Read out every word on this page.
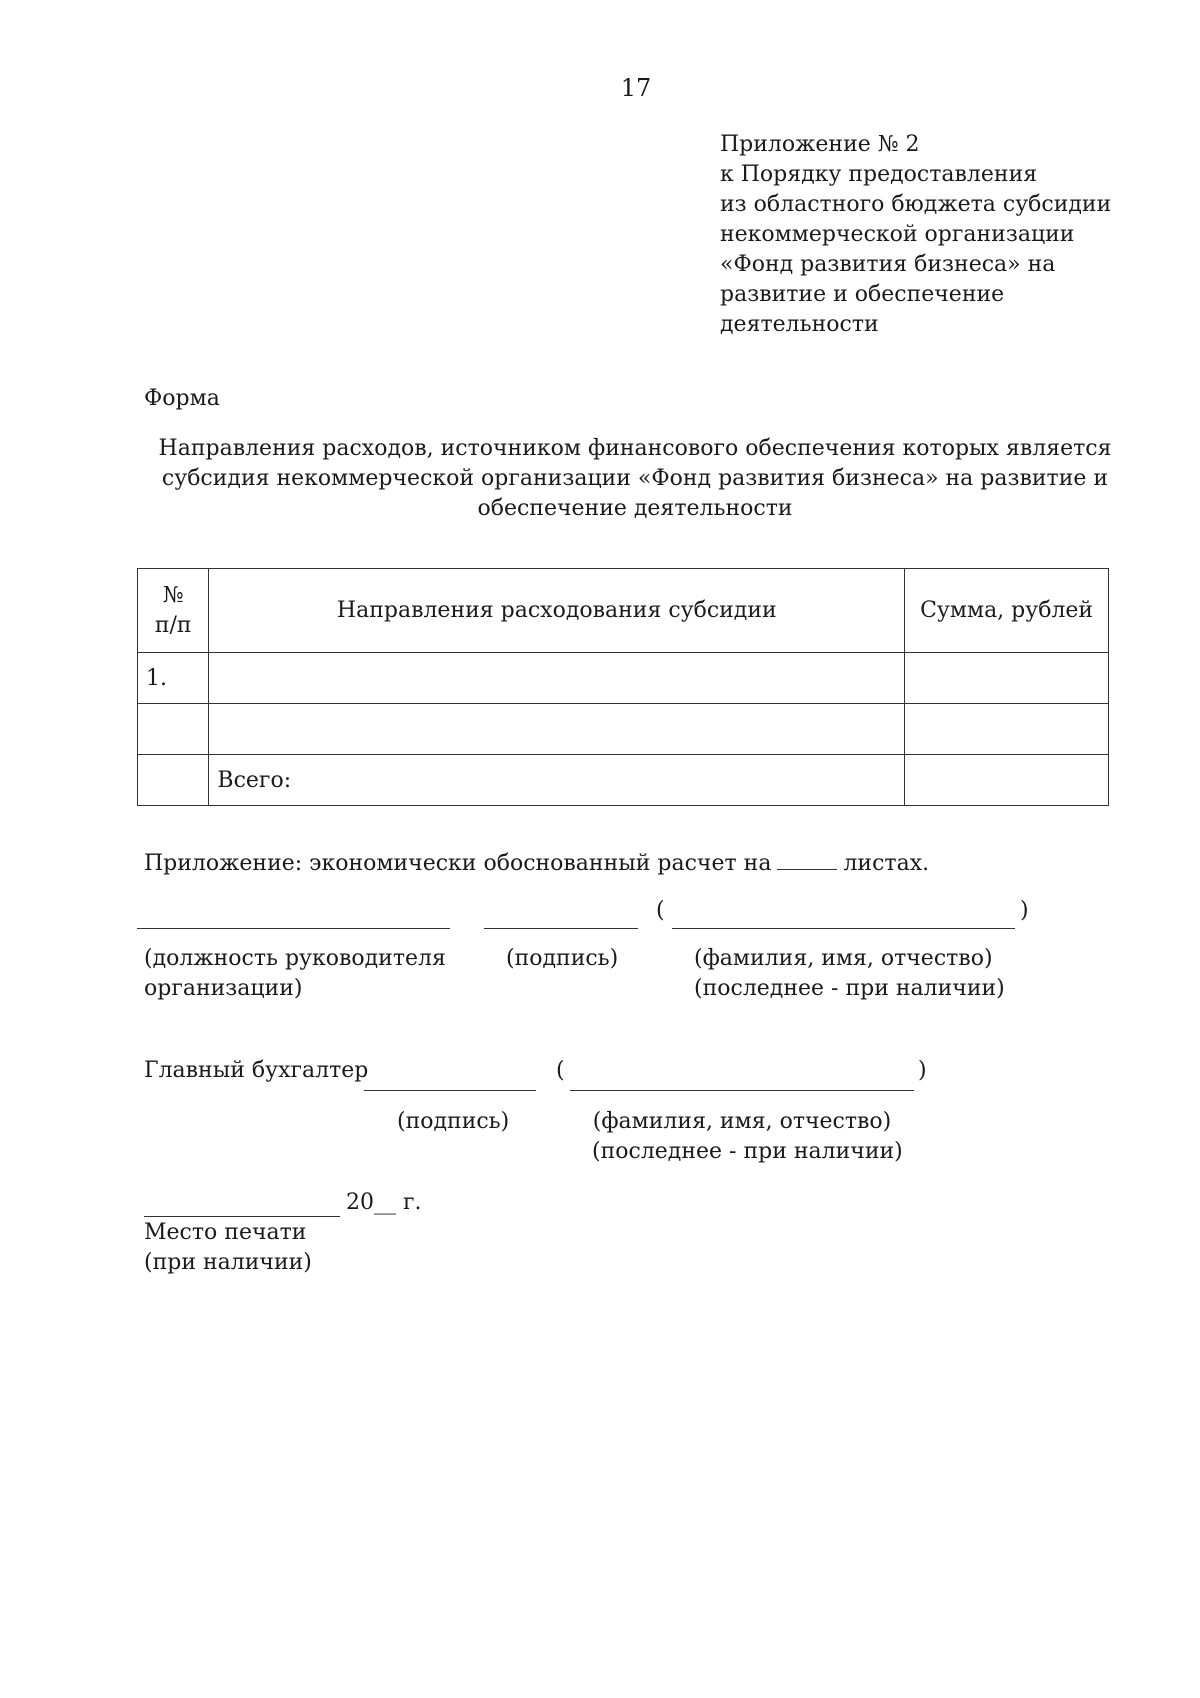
17
Приложение № 2
к Порядку предоставления
из областного бюджета субсидии
некоммерческой организации
«Фонд развития бизнеса» на
развитие и обеспечение
деятельности
Форма
Направления расходов, источником финансового обеспечения которых является
субсидия некоммерческой организации «Фонд развития бизнеса» на развитие и
обеспечение деятельности
№
п/п	Направления расходования субсидии	Сумма, рублей
1.		

	Всего:	
Приложение: экономически обоснованный расчет на	листах.
(	)
(должность руководителя
организации)
(подпись)	(фамилия, имя, отчество)
(последнее - при наличии)
Главный бухгалтер	(	)
(подпись)	(фамилия, имя, отчество)
(последнее - при наличии)
20__ г.
Место печати
(при наличии)
